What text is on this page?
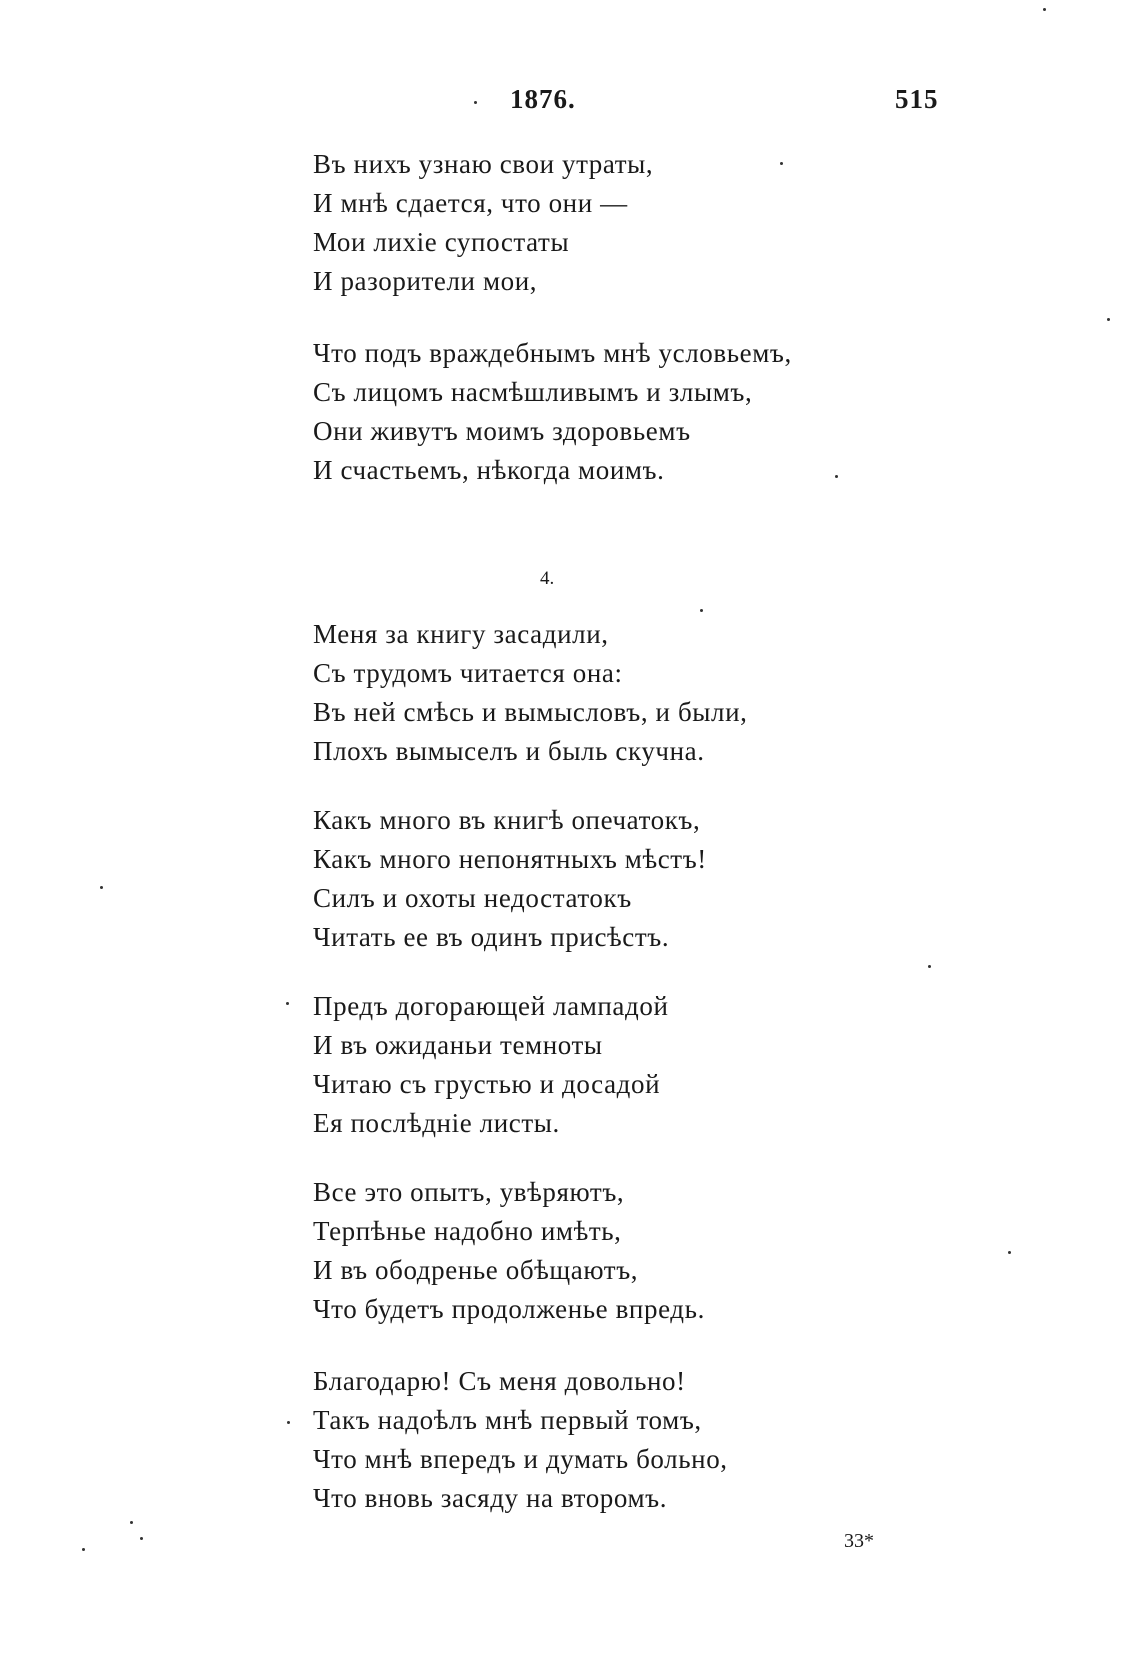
1876.	515
Въ нихъ узнаю свои утраты,
И мнѣ сдается, что они —
Мои лихіе супостаты
И разорители мои,
Что подъ враждебнымъ мнѣ условьемъ,
Съ лицомъ насмѣшливымъ и злымъ,
Они живутъ моимъ здоровьемъ
И счастьемъ, нѣкогда моимъ.
4.
Меня за книгу засадили,
Съ трудомъ читается она:
Въ ней смѣсь и вымысловъ, и были,
Плохъ вымыселъ и быль скучна.
Какъ много въ книгѣ опечатокъ,
Какъ много непонятныхъ мѣстъ!
Силъ и охоты недостатокъ
Читать ее въ одинъ присѣстъ.
Предъ догорающей лампадой
И въ ожиданьи темноты
Читаю съ грустью и досадой
Ея послѣдніе листы.
Все это опытъ, увѣряютъ,
Терпѣнье надобно имѣть,
И въ ободренье обѣщаютъ,
Что будетъ продолженье впредь.
Благодарю! Съ меня довольно!
Такъ надоѣлъ мнѣ первый томъ,
Что мнѣ впередъ и думать больно,
Что вновь засяду на второмъ.
33*
